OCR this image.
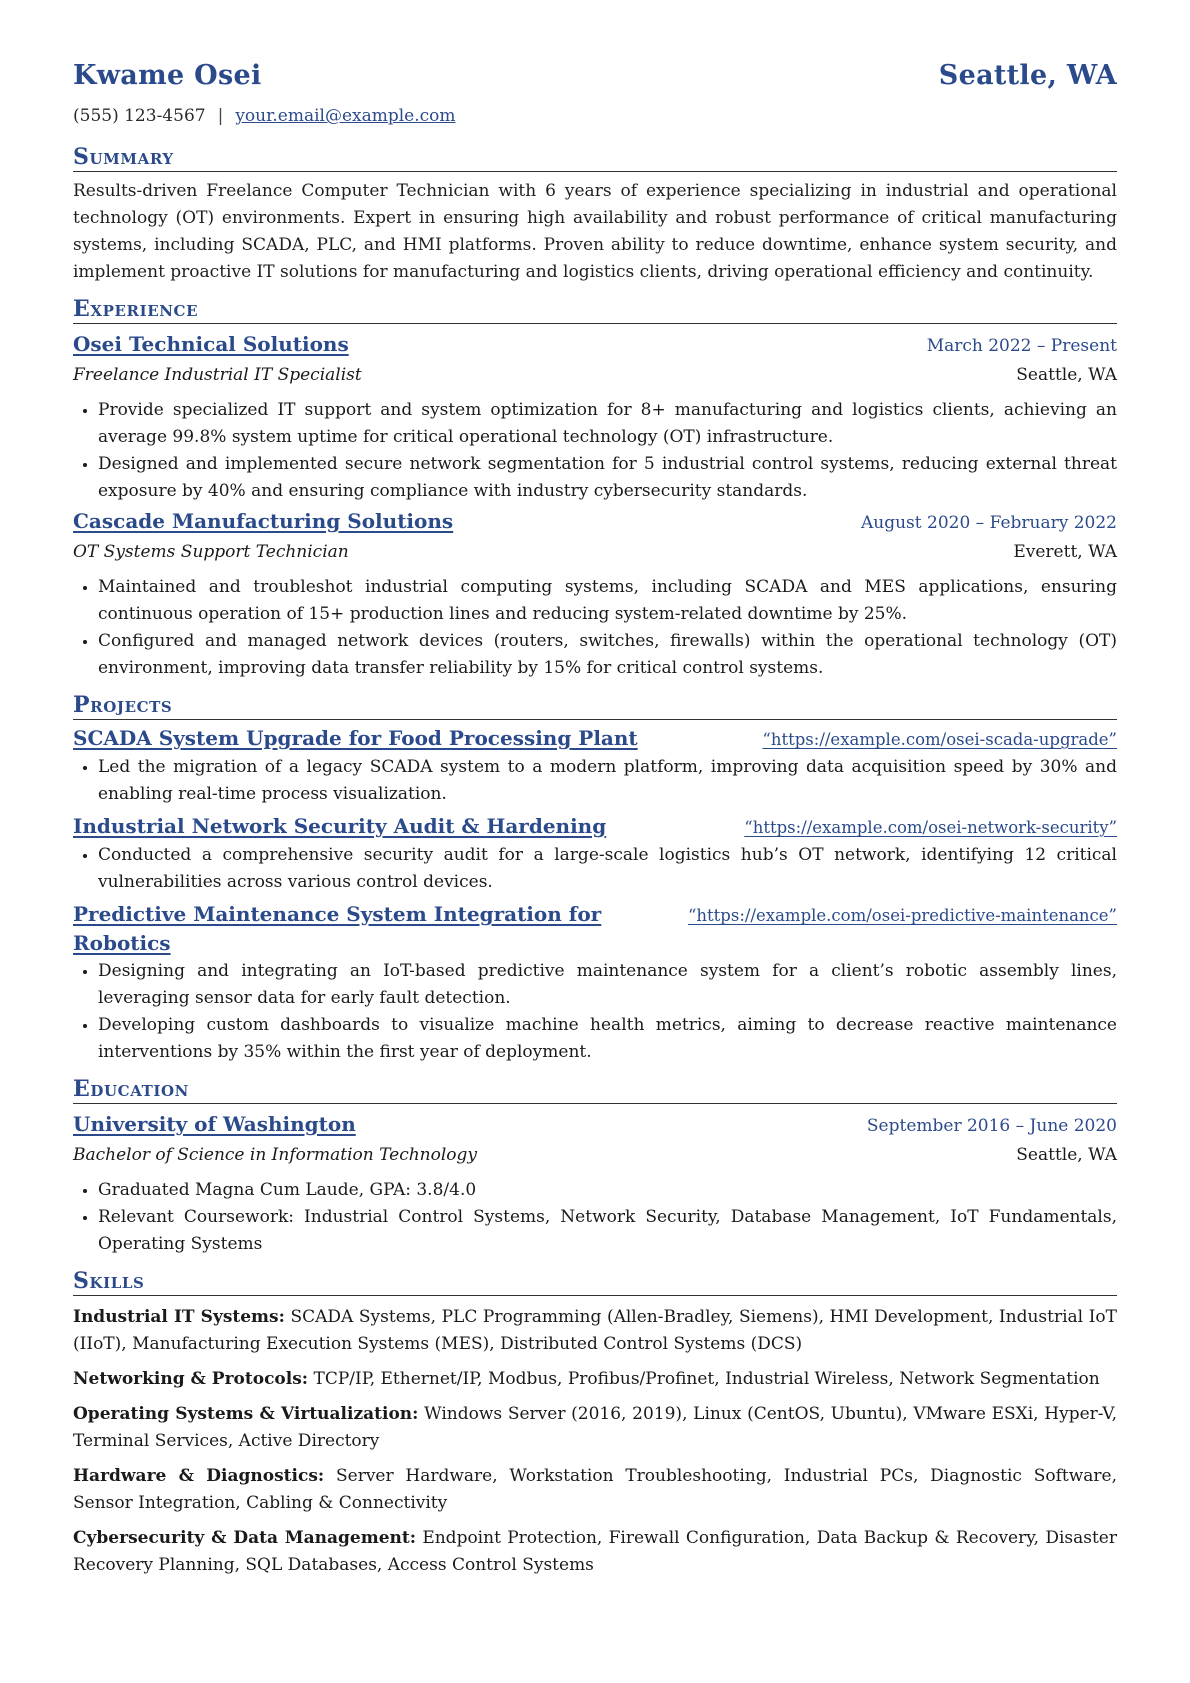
Kwame Osei	Seattle, WA
(555) 123-4567 | your.email@example.com
Summary
Results-driven Freelance Computer Technician with 6 years of experience specializing in industrial and operational technology (OT) environments. Expert in ensuring high availability and robust performance of critical manufacturing systems, including SCADA, PLC, and HMI platforms. Proven ability to reduce downtime, enhance system security, and implement proactive IT solutions for manufacturing and logistics clients, driving operational efficiency and continuity.
Experience
Osei Technical Solutions	March 2022 – Present
Freelance Industrial IT Specialist	Seattle, WA
• Provide specialized IT support and system optimization for 8+ manufacturing and logistics clients, achieving an average 99.8% system uptime for critical operational technology (OT) infrastructure.
• Designed and implemented secure network segmentation for 5 industrial control systems, reducing external threat exposure by 40% and ensuring compliance with industry cybersecurity standards.
Cascade Manufacturing Solutions	August 2020 – February 2022
OT Systems Support Technician	Everett, WA
• Maintained and troubleshot industrial computing systems, including SCADA and MES applications, ensuring continuous operation of 15+ production lines and reducing system-related downtime by 25%.
• Configured and managed network devices (routers, switches, firewalls) within the operational technology (OT) environment, improving data transfer reliability by 15% for critical control systems.
Projects
SCADA System Upgrade for Food Processing Plant	“https://example.com/osei-scada-upgrade”
• Led the migration of a legacy SCADA system to a modern platform, improving data acquisition speed by 30% and enabling real-time process visualization.
Industrial Network Security Audit & Hardening	“https://example.com/osei-network-security”
• Conducted a comprehensive security audit for a large-scale logistics hub’s OT network, identifying 12 critical vulnerabilities across various control devices.
Predictive Maintenance System Integration for Robotics
“https://example.com/osei-predictive-maintenance”
• Designing and integrating an IoT-based predictive maintenance system for a client’s robotic assembly lines, leveraging sensor data for early fault detection.
• Developing custom dashboards to visualize machine health metrics, aiming to decrease reactive maintenance interventions by 35% within the first year of deployment.
Education
University of Washington	September 2016 – June 2020
Bachelor of Science in Information Technology	Seattle, WA
• Graduated Magna Cum Laude, GPA: 3.8/4.0
• Relevant Coursework: Industrial Control Systems, Network Security, Database Management, IoT Fundamentals, Operating Systems
Skills
Industrial IT Systems: SCADA Systems, PLC Programming (Allen-Bradley, Siemens), HMI Development, Industrial IoT (IIoT), Manufacturing Execution Systems (MES), Distributed Control Systems (DCS)
Networking & Protocols: TCP/IP, Ethernet/IP, Modbus, Profibus/Profinet, Industrial Wireless, Network Segmentation
Operating Systems & Virtualization: Windows Server (2016, 2019), Linux (CentOS, Ubuntu), VMware ESXi, Hyper-V, Terminal Services, Active Directory
Hardware & Diagnostics: Server Hardware, Workstation Troubleshooting, Industrial PCs, Diagnostic Software, Sensor Integration, Cabling & Connectivity
Cybersecurity & Data Management: Endpoint Protection, Firewall Configuration, Data Backup & Recovery, Disaster Recovery Planning, SQL Databases, Access Control Systems
